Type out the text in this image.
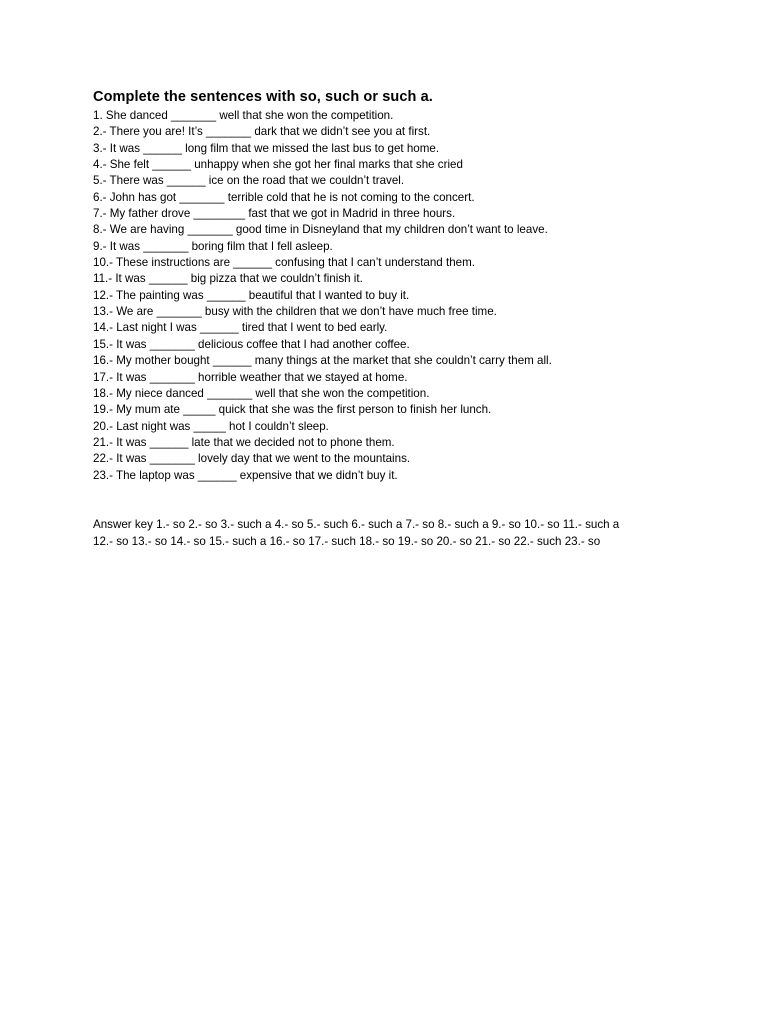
Complete the sentences with so, such or such a.
1. She danced _______ well that she won the competition.
2.- There you are! It’s _______ dark that we didn’t see you at first.
3.- It was ______ long film that we missed the last bus to get home.
4.- She felt ______ unhappy when she got her final marks that she cried
5.- There was ______ ice on the road that we couldn’t travel.
6.- John has got _______ terrible cold that he is not coming to the concert.
7.- My father drove ________ fast that we got in Madrid in three hours.
8.- We are having _______ good time in Disneyland that my children don’t want to leave.
9.- It was _______ boring film that I fell asleep.
10.- These instructions are ______ confusing that I can’t understand them.
11.- It was ______ big pizza that we couldn’t finish it.
12.- The painting was ______ beautiful that I wanted to buy it.
13.- We are _______ busy with the children that we don’t have much free time.
14.- Last night I was ______ tired that I went to bed early.
15.- It was _______ delicious coffee that I had another coffee.
16.- My mother bought ______ many things at the market that she couldn’t carry them all.
17.- It was _______ horrible weather that we stayed at home.
18.- My niece danced _______ well that she won the competition.
19.- My mum ate _____ quick that she was the first person to finish her lunch.
20.- Last night was _____ hot I couldn’t sleep.
21.- It was ______ late that we decided not to phone them.
22.- It was _______ lovely day that we went to the mountains.
23.- The laptop was ______ expensive that we didn’t buy it.
Answer key 1.- so 2.- so 3.- such a 4.- so 5.- such 6.- such a 7.- so 8.- such a 9.- so 10.- so 11.- such a
12.- so 13.- so 14.- so 15.- such a 16.- so 17.- such 18.- so 19.- so 20.- so 21.- so 22.- such 23.- so
